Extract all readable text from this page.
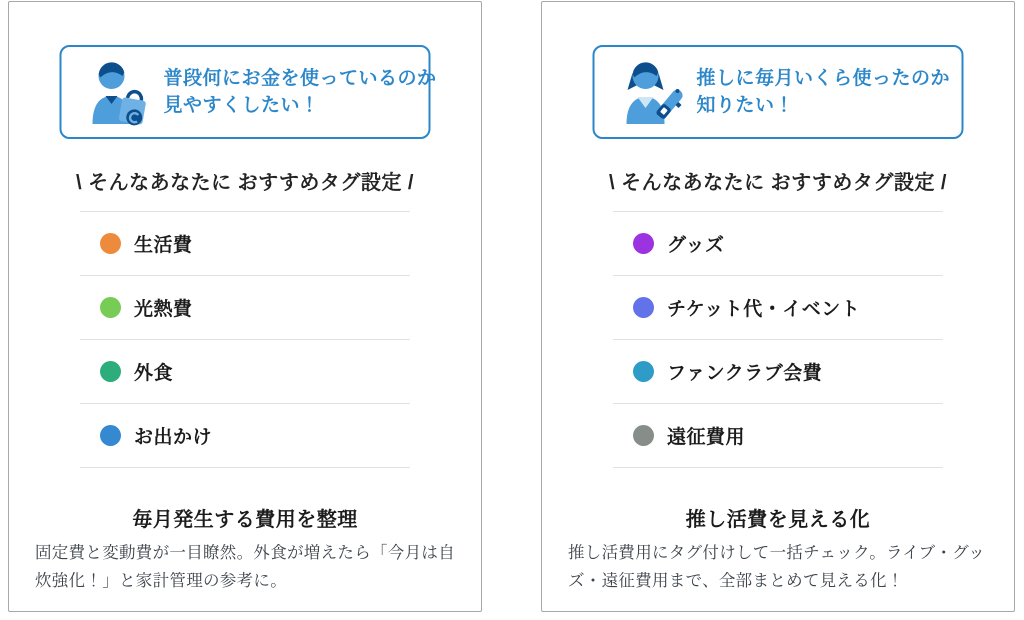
普段何にお金を使っているのか
見やすくしたい！
\ そんなあなたに おすすめタグ設定 /
生活費
光熱費
外食
お出かけ
毎月発生する費用を整理

固定費と変動費が一目瞭然。外食が増えたら「今月は自炊強化！」と家計管理の参考に。

推しに毎月いくら使ったのか
知りたい！
\ そんなあなたに おすすめタグ設定 /
グッズ
チケット代・イベント
ファンクラブ会費
遠征費用
推し活費を見える化

推し活費用にタグ付けして一括チェック。ライブ・グッズ・遠征費用まで、全部まとめて見える化！
